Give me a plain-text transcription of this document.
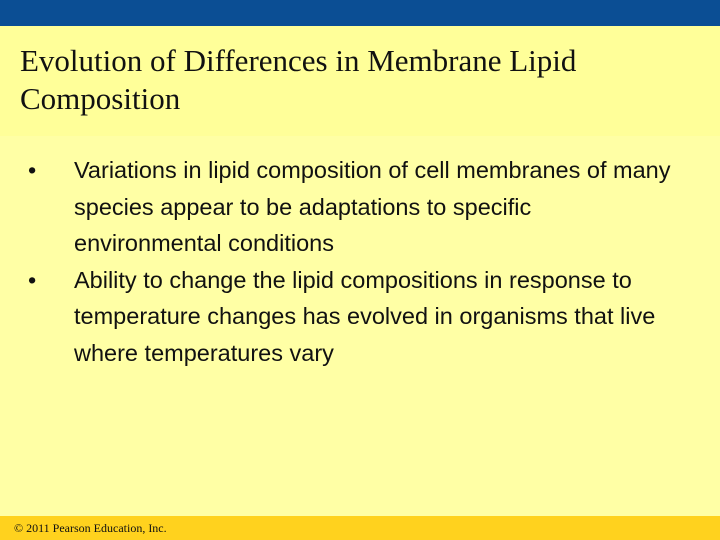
Evolution of Differences in Membrane Lipid Composition
• Variations in lipid composition of cell membranes of many species appear to be adaptations to specific environmental conditions
• Ability to change the lipid compositions in response to temperature changes has evolved in organisms that live where temperatures vary
© 2011 Pearson Education, Inc.
